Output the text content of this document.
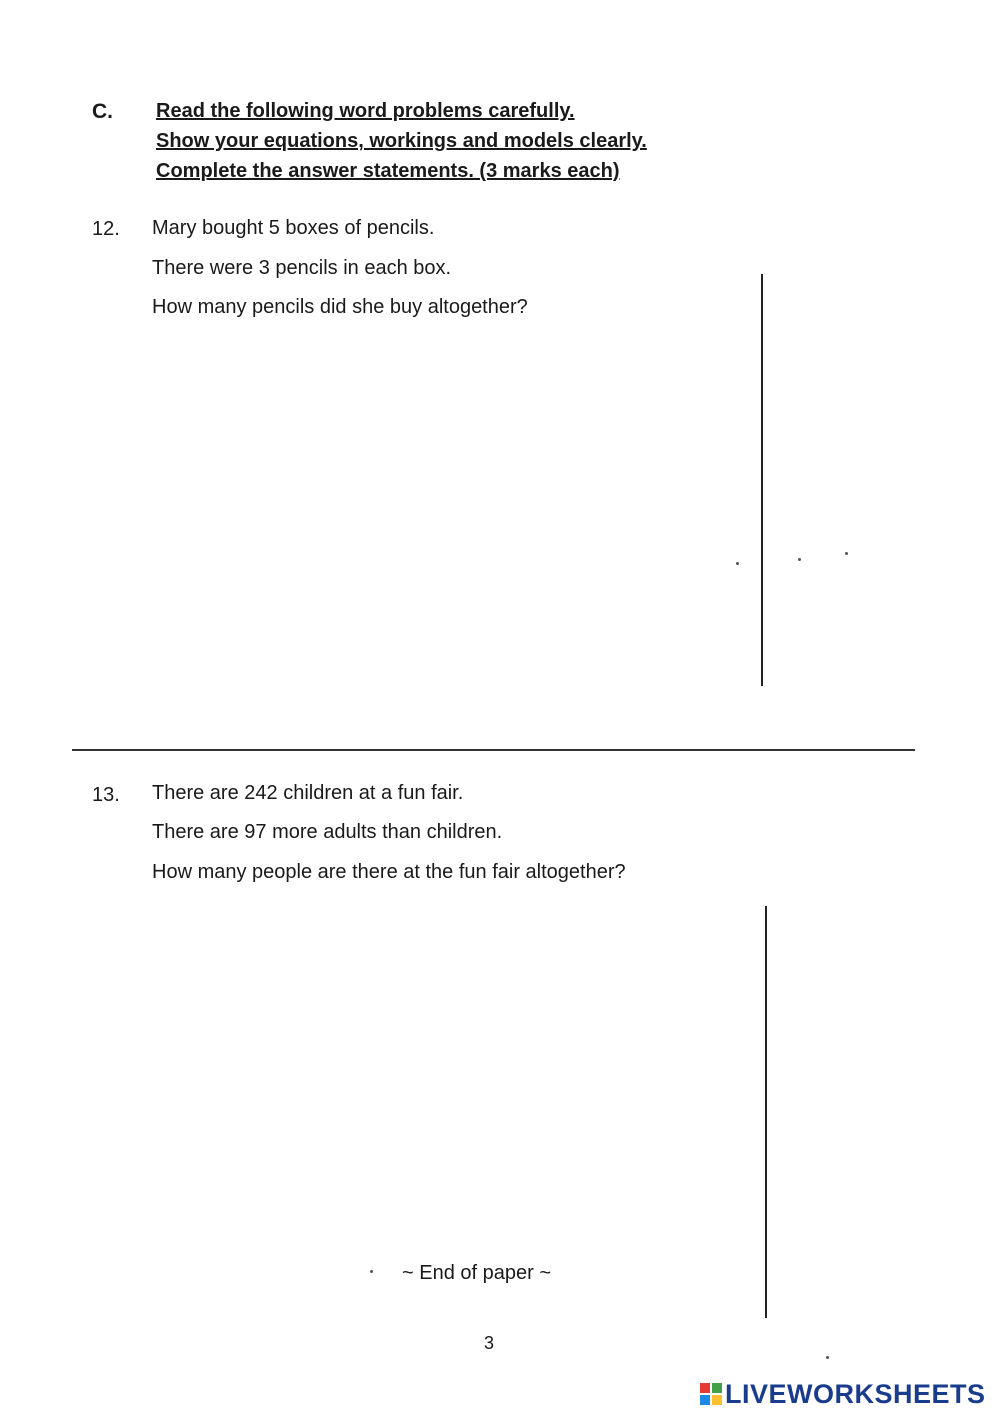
C. Read the following word problems carefully.
Show your equations, workings and models clearly.
Complete the answer statements. (3 marks each)
12. Mary bought 5 boxes of pencils.
There were 3 pencils in each box.
How many pencils did she buy altogether?
13. There are 242 children at a fun fair.
There are 97 more adults than children.
How many people are there at the fun fair altogether?
~ End of paper ~
3
LIVEWORKSHEETS
